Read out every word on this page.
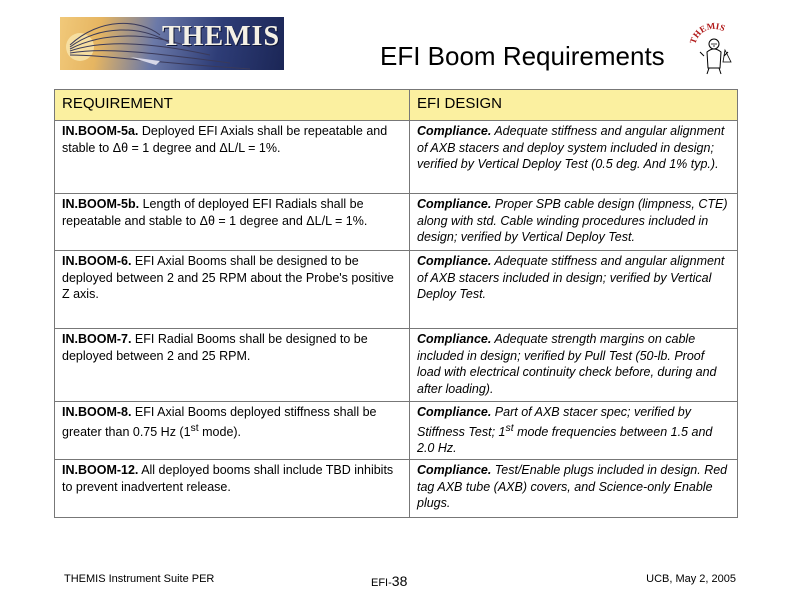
THEMIS
EFI Boom Requirements
THEMIS
REQUIREMENT	EFI DESIGN
IN.BOOM-5a. Deployed EFI Axials shall be repeatable and stable to Δθ = 1 degree and ΔL/L = 1%.	Compliance. Adequate stiffness and angular alignment of AXB stacers and deploy system included in design; verified by Vertical Deploy Test (0.5 deg. And 1% typ.).
IN.BOOM-5b. Length of deployed EFI Radials shall be repeatable and stable to Δθ = 1 degree and ΔL/L = 1%.	Compliance. Proper SPB cable design (limpness, CTE) along with std. Cable winding procedures included in design; verified by Vertical Deploy Test.
IN.BOOM-6. EFI Axial Booms shall be designed to be deployed between 2 and 25 RPM about the Probe's positive Z axis.	Compliance. Adequate stiffness and angular alignment of AXB stacers included in design; verified by Vertical Deploy Test.
IN.BOOM-7. EFI Radial Booms shall be designed to be deployed between 2 and 25 RPM.	Compliance. Adequate strength margins on cable included in design; verified by Pull Test (50-lb. Proof load with electrical continuity check before, during and after loading).
IN.BOOM-8. EFI Axial Booms deployed stiffness shall be greater than 0.75 Hz (1st mode).	Compliance. Part of AXB stacer spec; verified by Stiffness Test; 1st mode frequencies between 1.5 and 2.0 Hz.
IN.BOOM-12. All deployed booms shall include TBD inhibits to prevent inadvertent release.	Compliance. Test/Enable plugs included in design. Red tag AXB tube (AXB) covers, and Science-only Enable plugs.
THEMIS Instrument Suite PER	EFI-38	UCB, May 2, 2005
